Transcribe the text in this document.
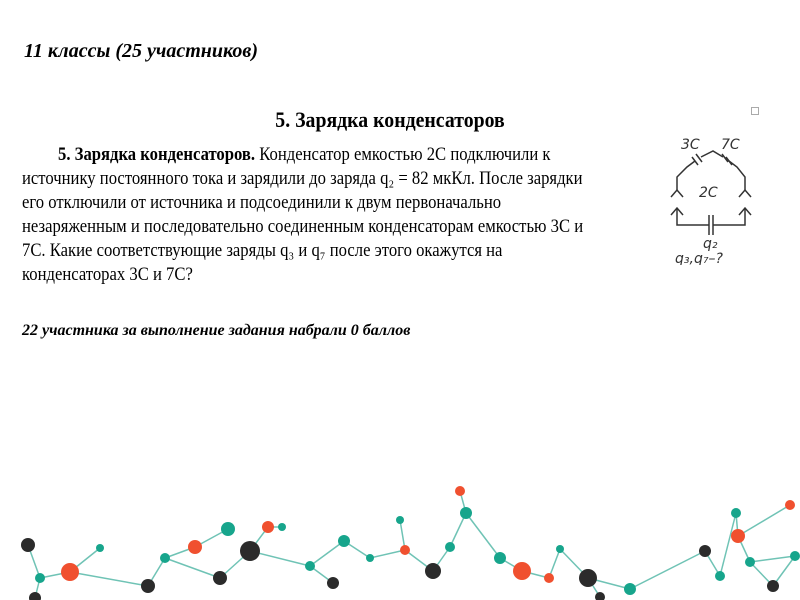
11 классы (25 участников)
5. Зарядка конденсаторов
5. Зарядка конденсаторов. Конденсатор емкостью 2C подключили к
источнику постоянного тока и зарядили до заряда q₂ = 82 мкКл. После зарядки
его отключили от источника и подсоединили к двум первоначально
незаряженным и последовательно соединенным конденсаторам емкостью 3C и
7C. Какие соответствующие заряды q₃ и q₇ после этого окажутся на
конденсаторах 3C и 7C?
3C 7C
2C
q₂
q₃,q₇–?
22 участника за выполнение задания набрали 0 баллов
